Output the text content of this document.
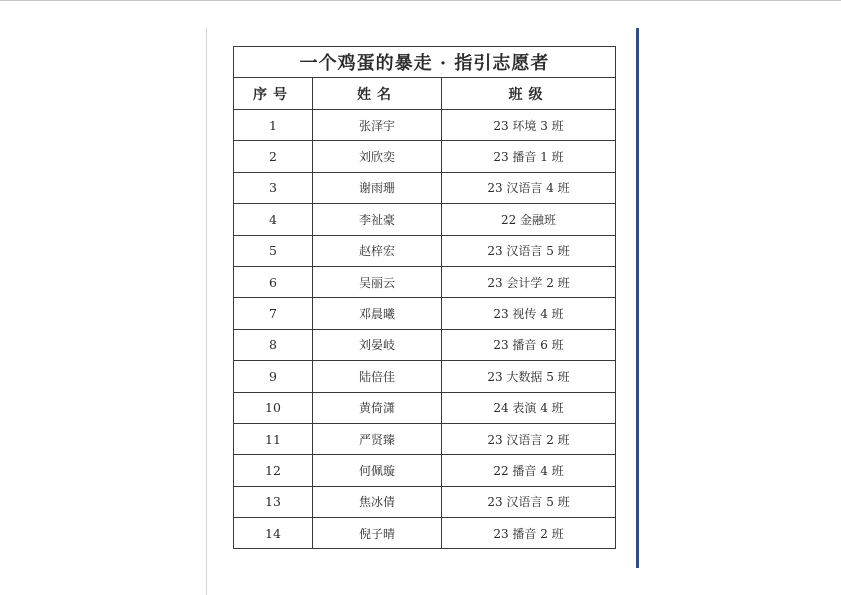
一个鸡蛋的暴走 · 指引志愿者		
序号	姓名	班级
1	张泽宇	23 环境 3 班
2	刘欣奕	23 播音 1 班
3	谢雨珊	23 汉语言 4 班
4	李祉豪	22 金融班
5	赵梓宏	23 汉语言 5 班
6	吴丽云	23 会计学 2 班
7	邓晨曦	23 视传 4 班
8	刘晏岐	23 播音 6 班
9	陆倍佳	23 大数据 5 班
10	黄倚潇	24 表演 4 班
11	严贤臻	23 汉语言 2 班
12	何佩璇	22 播音 4 班
13	焦冰倩	23 汉语言 5 班
14	倪子晴	23 播音 2 班
